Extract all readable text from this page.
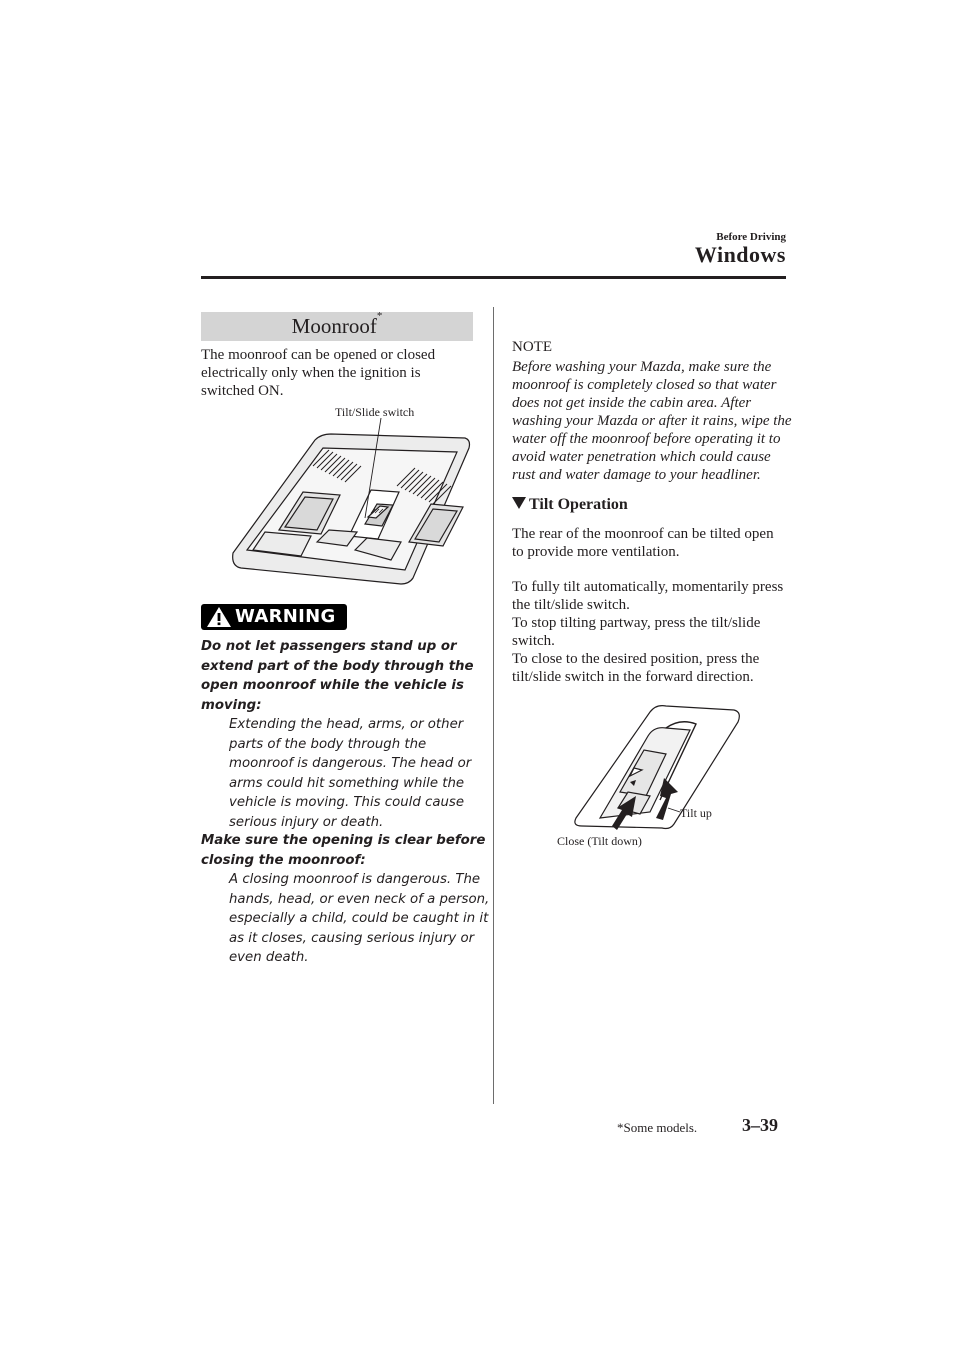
Before Driving
Windows
Moonroof*
The moonroof can be opened or closed electrically only when the ignition is switched ON.
Tilt/Slide switch
WARNING
Do not let passengers stand up or extend part of the body through the open moonroof while the vehicle is moving:
Extending the head, arms, or other parts of the body through the moonroof is dangerous. The head or arms could hit something while the vehicle is moving. This could cause serious injury or death.
Make sure the opening is clear before closing the moonroof:
A closing moonroof is dangerous. The hands, head, or even neck of a person, especially a child, could be caught in it as it closes, causing serious injury or even death.
NOTE
Before washing your Mazda, make sure the moonroof is completely closed so that water does not get inside the cabin area. After washing your Mazda or after it rains, wipe the water off the moonroof before operating it to avoid water penetration which could cause rust and water damage to your headliner.
Tilt Operation
The rear of the moonroof can be tilted open to provide more ventilation.
To fully tilt automatically, momentarily press the tilt/slide switch.
To stop tilting partway, press the tilt/slide switch.
To close to the desired position, press the tilt/slide switch in the forward direction.
Tilt up
Close (Tilt down)
*Some models. 3–39
